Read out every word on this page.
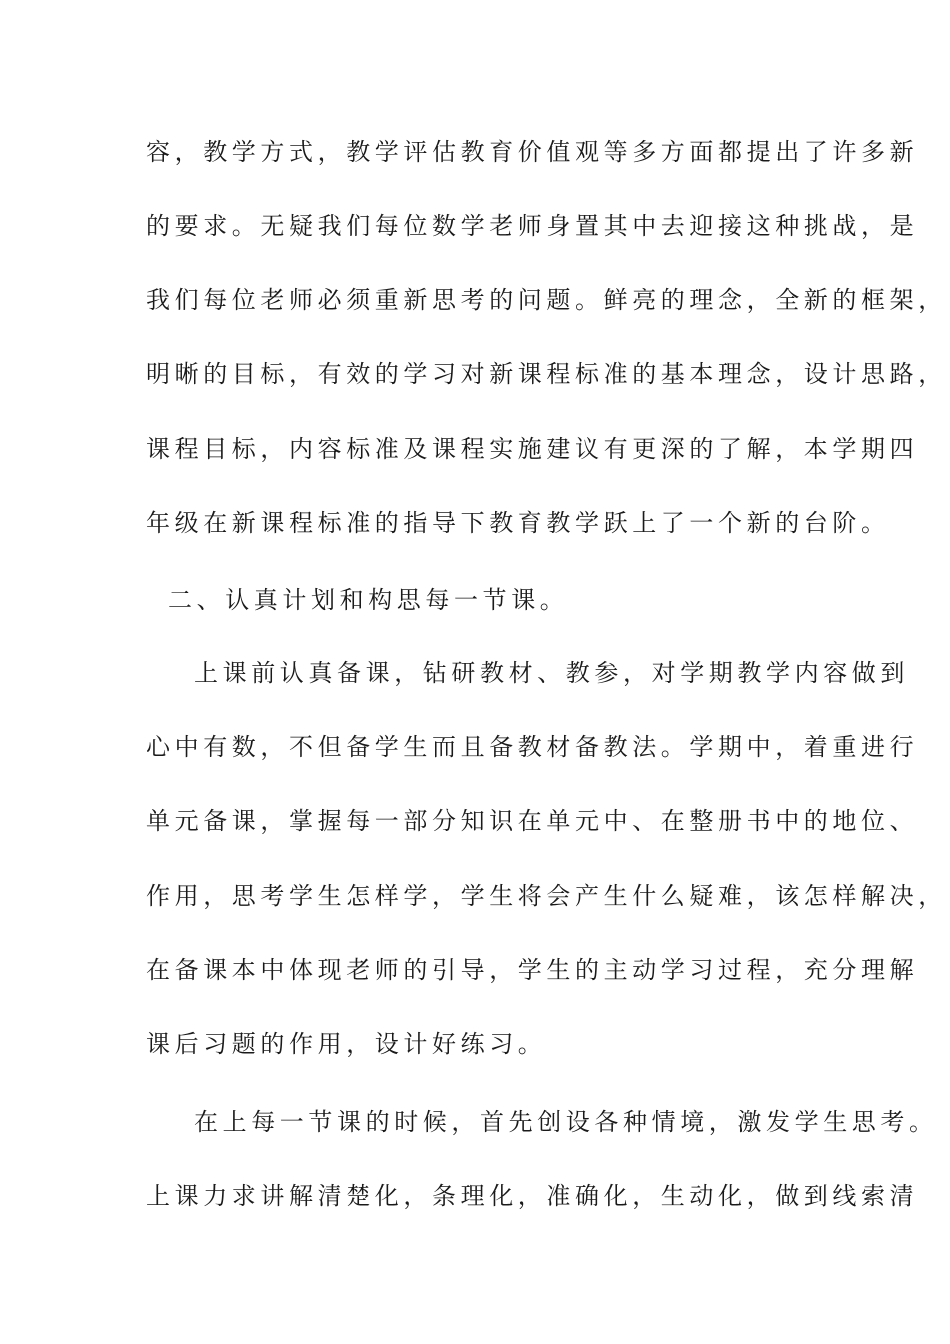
容，教学方式，教学评估教育价值观等多方面都提出了许多新
的要求。无疑我们每位数学老师身置其中去迎接这种挑战，是
我们每位老师必须重新思考的问题。鲜亮的理念，全新的框架，
明晰的目标，有效的学习对新课程标准的基本理念，设计思路，
课程目标，内容标准及课程实施建议有更深的了解，本学期四
年级在新课程标准的指导下教育教学跃上了一个新的台阶。
二、认真计划和构思每一节课。
上课前认真备课，钻研教材、教参，对学期教学内容做到
心中有数，不但备学生而且备教材备教法。学期中，着重进行
单元备课，掌握每一部分知识在单元中、在整册书中的地位、
作用，思考学生怎样学，学生将会产生什么疑难，该怎样解决，
在备课本中体现老师的引导，学生的主动学习过程，充分理解
课后习题的作用，设计好练习。
在上每一节课的时候，首先创设各种情境，激发学生思考。
上课力求讲解清楚化，条理化，准确化，生动化，做到线索清
